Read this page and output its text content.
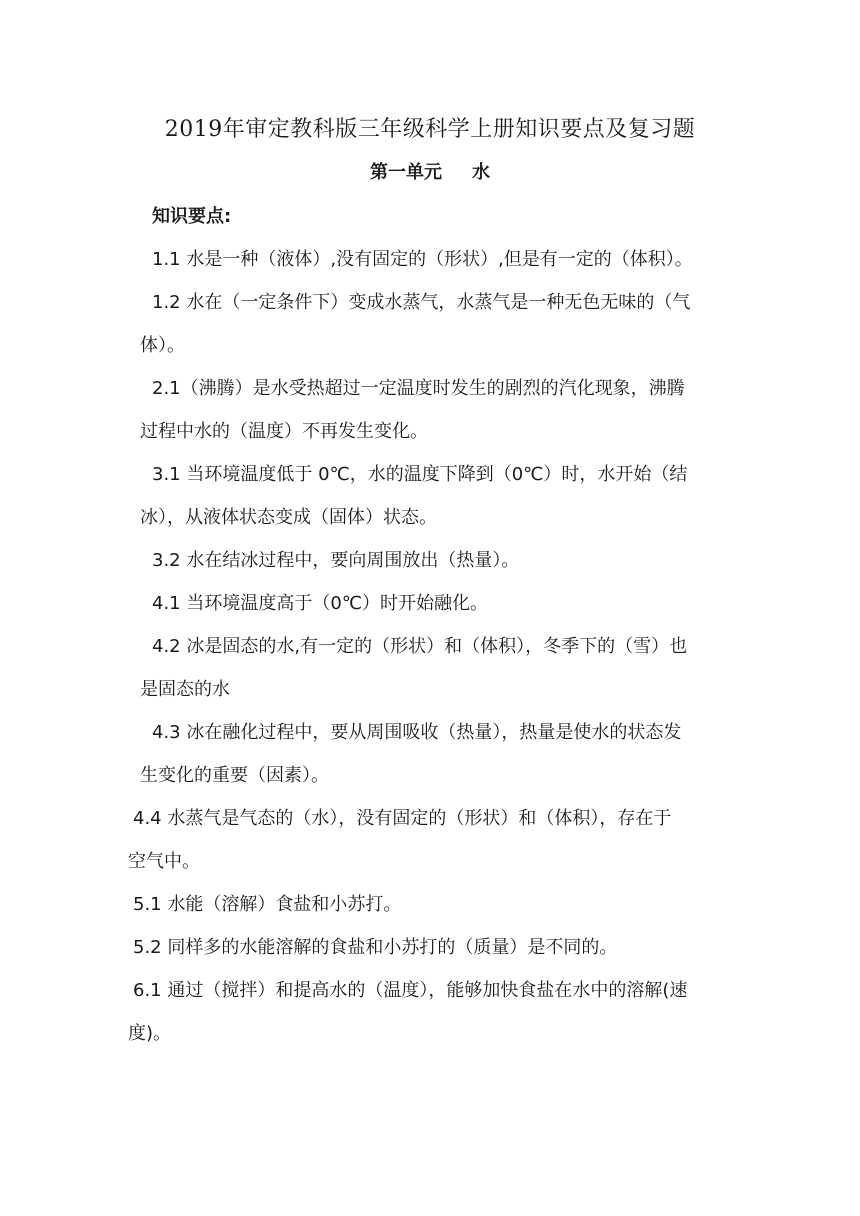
2019年审定教科版三年级科学上册知识要点及复习题
第一单元 水
知识要点:
1.1 水是一种（液体）,没有固定的（形状）,但是有一定的（体积）。
1.2 水在（一定条件下）变成水蒸气，水蒸气是一种无色无味的（气
体）。
2.1（沸腾）是水受热超过一定温度时发生的剧烈的汽化现象，沸腾
过程中水的（温度）不再发生变化。
3.1 当环境温度低于 0℃，水的温度下降到（0℃）时，水开始（结
冰），从液体状态变成（固体）状态。
3.2 水在结冰过程中，要向周围放出（热量）。
4.1 当环境温度高于（0℃）时开始融化。
4.2 冰是固态的水,有一定的（形状）和（体积），冬季下的（雪）也
是固态的水
4.3 冰在融化过程中，要从周围吸收（热量），热量是使水的状态发
生变化的重要（因素）。
4.4 水蒸气是气态的（水），没有固定的（形状）和（体积），存在于
空气中。
5.1 水能（溶解）食盐和小苏打。
5.2 同样多的水能溶解的食盐和小苏打的（质量）是不同的。
6.1 通过（搅拌）和提高水的（温度），能够加快食盐在水中的溶解(速
度)。
